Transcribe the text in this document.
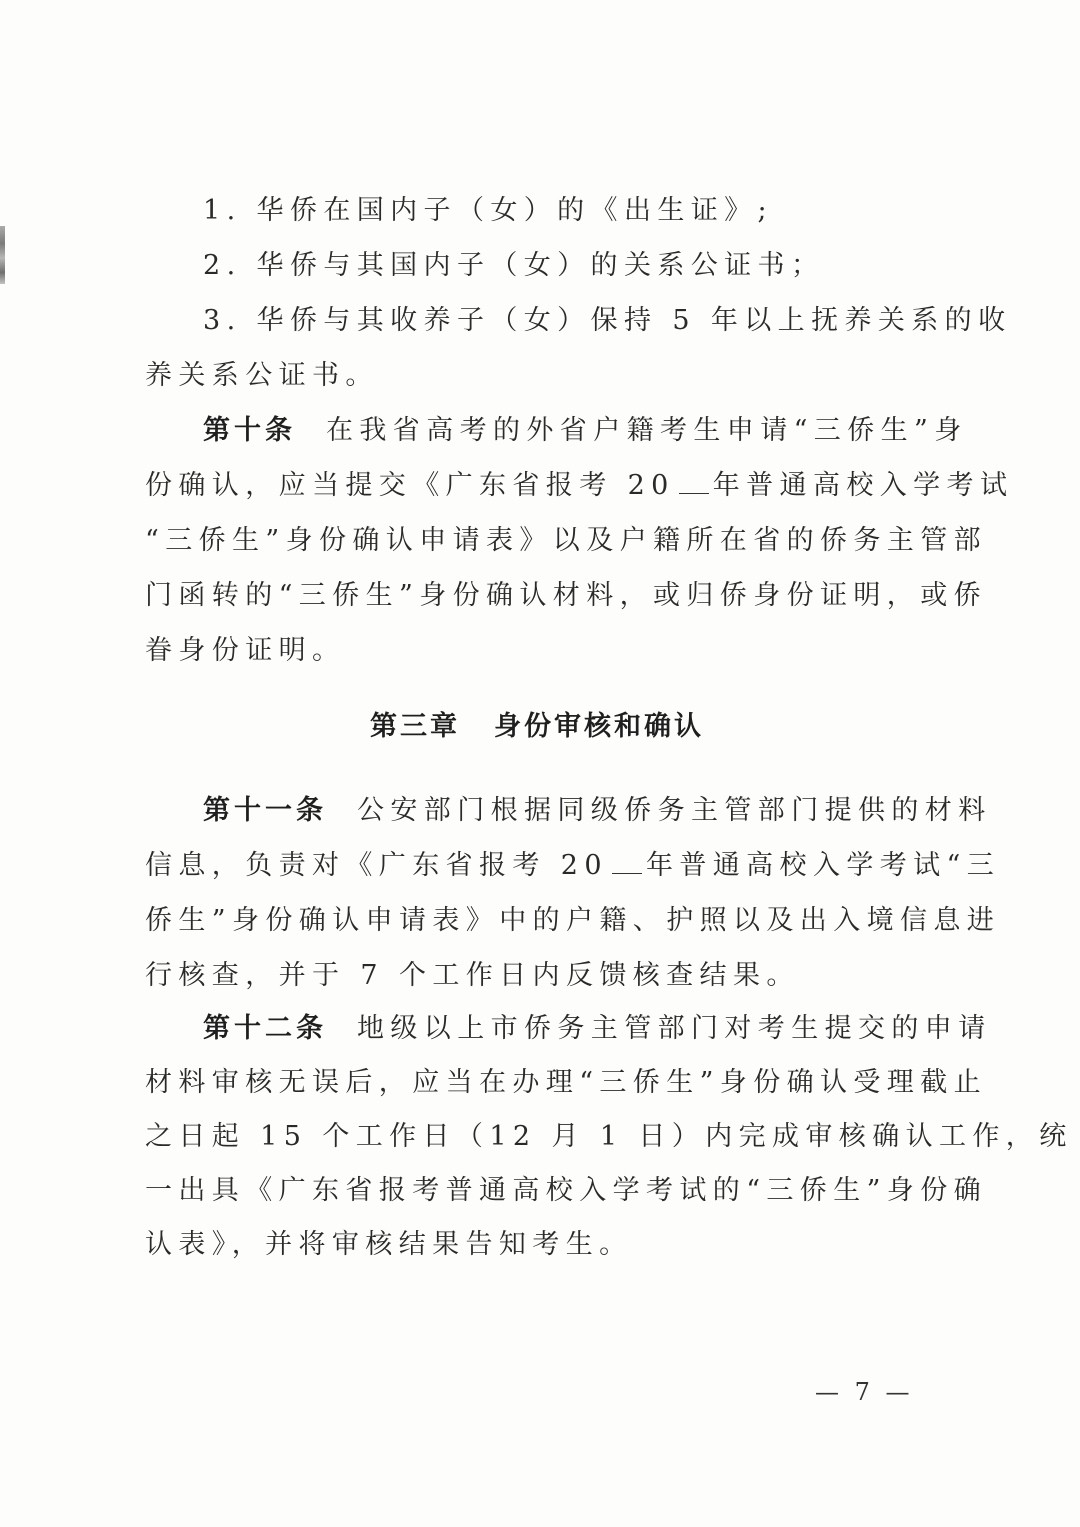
1. 华侨在国内子（女）的《出生证》;
2. 华侨与其国内子（女）的关系公证书；
3. 华侨与其收养子（女）保持 5 年以上抚养关系的收
养关系公证书。
第十条 在我省高考的外省户籍考生申请“三侨生”身
份确认，应当提交《广东省报考 20 年普通高校入学考试
“三侨生”身份确认申请表》以及户籍所在省的侨务主管部
门函转的“三侨生”身份确认材料，或归侨身份证明，或侨
眷身份证明。
第三章 身份审核和确认
第十一条 公安部门根据同级侨务主管部门提供的材料
信息，负责对《广东省报考 20 年普通高校入学考试“三
侨生”身份确认申请表》中的户籍、护照以及出入境信息进
行核查，并于 7 个工作日内反馈核查结果。
第十二条 地级以上市侨务主管部门对考生提交的申请
材料审核无误后，应当在办理“三侨生”身份确认受理截止
之日起 15 个工作日（12 月 1 日）内完成审核确认工作，统
一出具《广东省报考普通高校入学考试的“三侨生”身份确
认表》，并将审核结果告知考生。
— 7 —
